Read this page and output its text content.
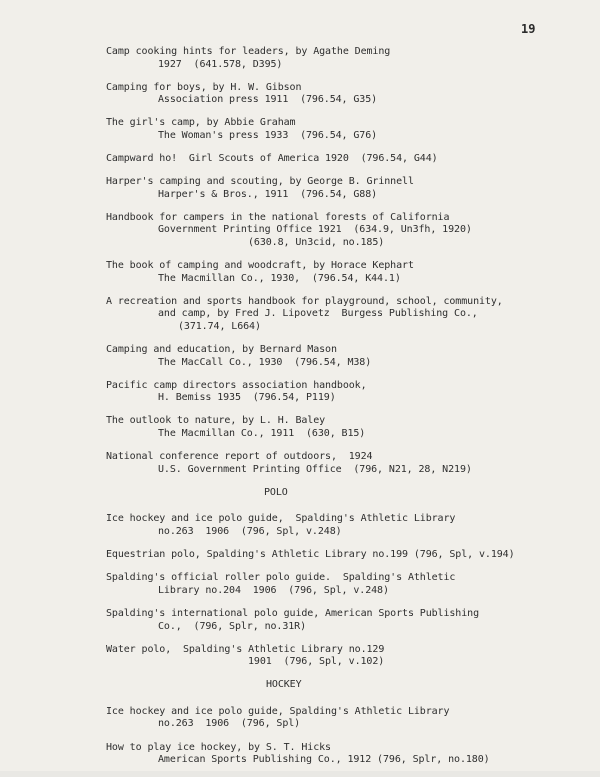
19
Camp cooking hints for leaders, by Agathe Deming
1927  (641.578, D395)
Camping for boys, by H. W. Gibson
Association press 1911  (796.54, G35)
The girl's camp, by Abbie Graham
The Woman's press 1933  (796.54, G76)
Campward ho!  Girl Scouts of America 1920  (796.54, G44)
Harper's camping and scouting, by George B. Grinnell
Harper's & Bros., 1911  (796.54, G88)
Handbook for campers in the national forests of California
Government Printing Office 1921  (634.9, Un3fh, 1920)
(630.8, Un3cid, no.185)
The book of camping and woodcraft, by Horace Kephart
The Macmillan Co., 1930,  (796.54, K44.1)
A recreation and sports handbook for playground, school, community,
and camp, by Fred J. Lipovetz  Burgess Publishing Co.,
(371.74, L664)
Camping and education, by Bernard Mason
The MacCall Co., 1930  (796.54, M38)
Pacific camp directors association handbook,
H. Bemiss 1935  (796.54, P119)
The outlook to nature, by L. H. Baley
The Macmillan Co., 1911  (630, B15)
National conference report of outdoors,  1924
U.S. Government Printing Office  (796, N21, 28, N219)
POLO
Ice hockey and ice polo guide,  Spalding's Athletic Library
no.263  1906  (796, Spl, v.248)
Equestrian polo, Spalding's Athletic Library no.199 (796, Spl, v.194)
Spalding's official roller polo guide.  Spalding's Athletic
Library no.204  1906  (796, Spl, v.248)
Spalding's international polo guide, American Sports Publishing
Co.,  (796, Splr, no.31R)
Water polo,  Spalding's Athletic Library no.129
1901  (796, Spl, v.102)
HOCKEY
Ice hockey and ice polo guide, Spalding's Athletic Library
no.263  1906  (796, Spl)
How to play ice hockey, by S. T. Hicks
American Sports Publishing Co., 1912 (796, Splr, no.180)
